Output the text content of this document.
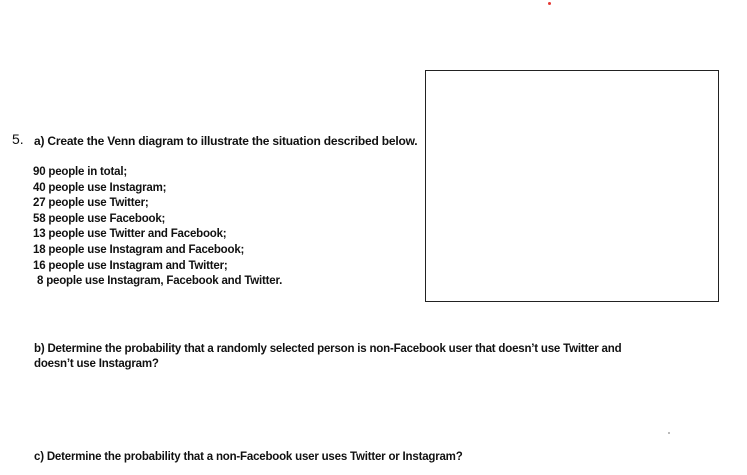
5. a) Create the Venn diagram to illustrate the situation described below.
90 people in total;
40 people use Instagram;
27 people use Twitter;
58 people use Facebook;
13 people use Twitter and Facebook;
18 people use Instagram and Facebook;
16 people use Instagram and Twitter;
8 people use Instagram, Facebook and Twitter.
b) Determine the probability that a randomly selected person is non-Facebook user that doesn’t use Twitter and doesn’t use Instagram?
c) Determine the probability that a non-Facebook user uses Twitter or Instagram?
